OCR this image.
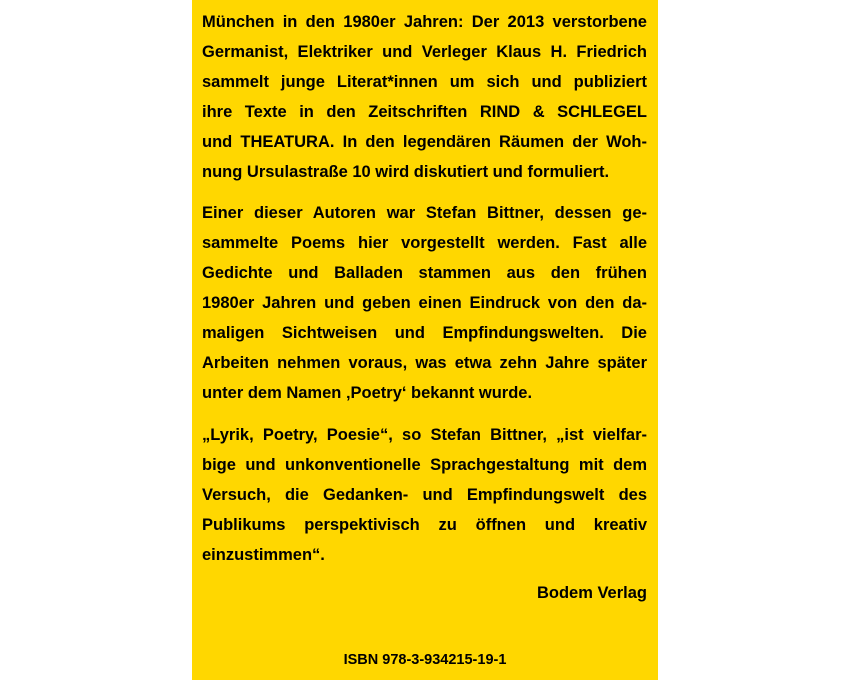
München in den 1980er Jahren: Der 2013 verstorbene
Germanist, Elektriker und Verleger Klaus H. Friedrich
sammelt junge Literat*innen um sich und publiziert
ihre Texte in den Zeitschriften RIND & SCHLEGEL
und THEATURA. In den legendären Räumen der Woh-
nung Ursulastraße 10 wird diskutiert und formuliert.
Einer dieser Autoren war Stefan Bittner, dessen ge-
sammelte Poems hier vorgestellt werden. Fast alle
Gedichte und Balladen stammen aus den frühen
1980er Jahren und geben einen Eindruck von den da-
maligen Sichtweisen und Empfindungswelten. Die
Arbeiten nehmen voraus, was etwa zehn Jahre später
unter dem Namen ‚Poetry‘ bekannt wurde.
„Lyrik, Poetry, Poesie“, so Stefan Bittner, „ist vielfar-
bige und unkonventionelle Sprachgestaltung mit dem
Versuch, die Gedanken- und Empfindungswelt des
Publikums perspektivisch zu öffnen und kreativ
einzustimmen“.
Bodem Verlag
ISBN 978-3-934215-19-1
